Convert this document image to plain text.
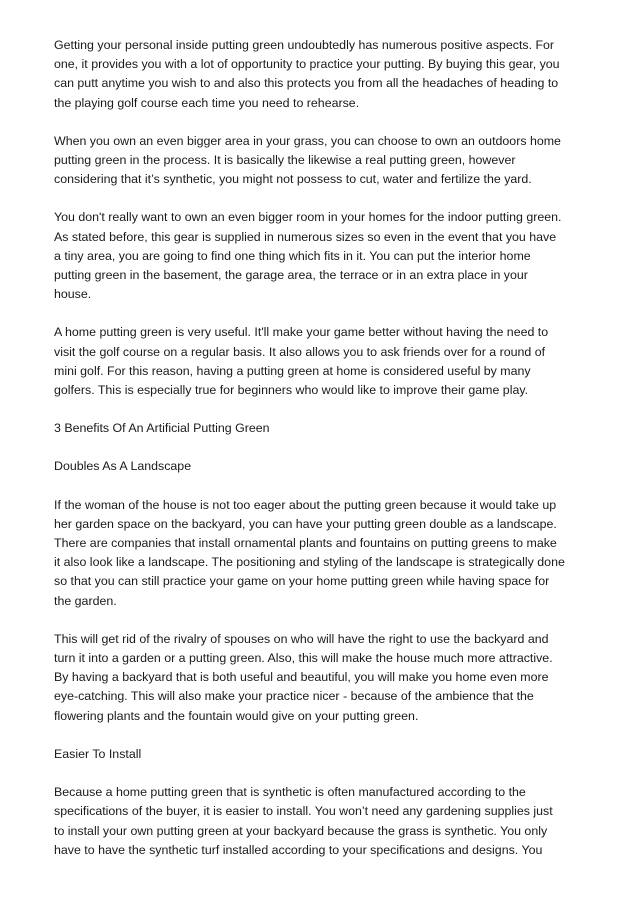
Getting your personal inside putting green undoubtedly has numerous positive aspects. For
one, it provides you with a lot of opportunity to practice your putting. By buying this gear, you
can putt anytime you wish to and also this protects you from all the headaches of heading to
the playing golf course each time you need to rehearse.

When you own an even bigger area in your grass, you can choose to own an outdoors home
putting green in the process. It is basically the likewise a real putting green, however
considering that it’s synthetic, you might not possess to cut, water and fertilize the yard.

You don't really want to own an even bigger room in your homes for the indoor putting green.
As stated before, this gear is supplied in numerous sizes so even in the event that you have
a tiny area, you are going to find one thing which fits in it. You can put the interior home
putting green in the basement, the garage area, the terrace or in an extra place in your
house.

A home putting green is very useful. It'll make your game better without having the need to
visit the golf course on a regular basis. It also allows you to ask friends over for a round of
mini golf. For this reason, having a putting green at home is considered useful by many
golfers. This is especially true for beginners who would like to improve their game play.

3 Benefits Of An Artificial Putting Green

Doubles As A Landscape

If the woman of the house is not too eager about the putting green because it would take up
her garden space on the backyard, you can have your putting green double as a landscape.
There are companies that install ornamental plants and fountains on putting greens to make
it also look like a landscape. The positioning and styling of the landscape is strategically done
so that you can still practice your game on your home putting green while having space for
the garden.

This will get rid of the rivalry of spouses on who will have the right to use the backyard and
turn it into a garden or a putting green. Also, this will make the house much more attractive.
By having a backyard that is both useful and beautiful, you will make you home even more
eye-catching. This will also make your practice nicer - because of the ambience that the
flowering plants and the fountain would give on your putting green.

Easier To Install

Because a home putting green that is synthetic is often manufactured according to the
specifications of the buyer, it is easier to install. You won’t need any gardening supplies just
to install your own putting green at your backyard because the grass is synthetic. You only
have to have the synthetic turf installed according to your specifications and designs. You
